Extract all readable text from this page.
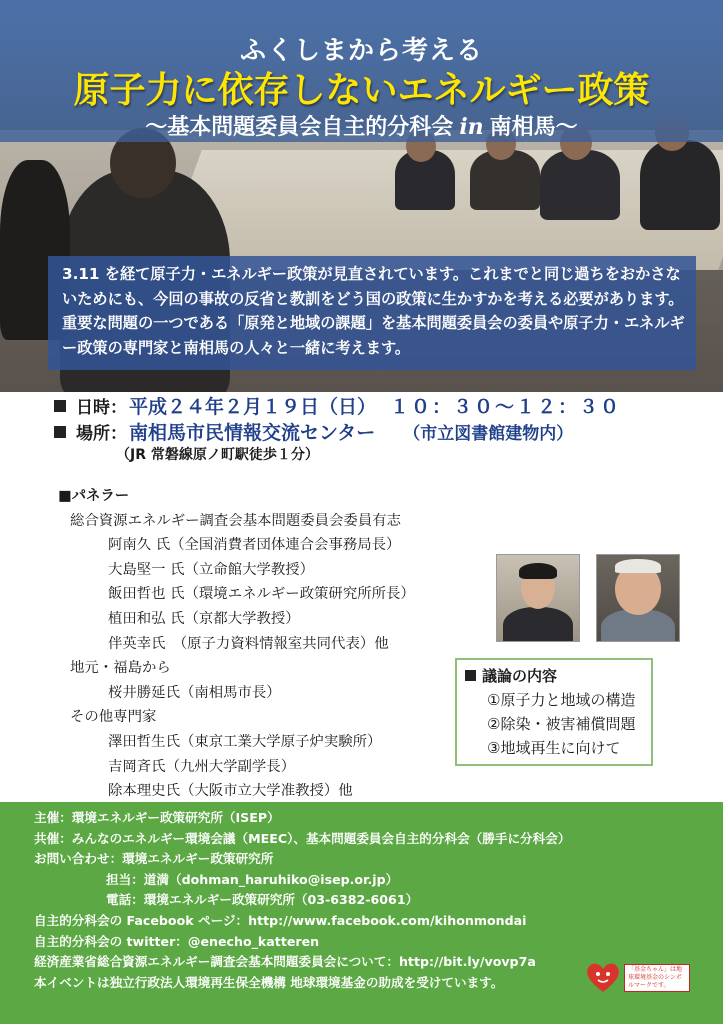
ふくしまから考える
原子力に依存しないエネルギー政策
～基本問題委員会自主的分科会 in 南相馬～
3.11 を経て原子力・エネルギー政策が見直されています。これまでと同じ過ちをおかさないためにも、今回の事故の反省と教訓をどう国の政策に生かすかを考える必要があります。重要な問題の一つである「原発と地域の課題」を基本問題委員会の委員や原子力・エネルギー政策の専門家と南相馬の人々と一緒に考えます。
日時： 平成２４年２月１９日（日） １０：３０～１２：３０
場所： 南相馬市民情報交流センター （市立図書館建物内）
（JR 常磐線原ノ町駅徒歩１分）
■パネラー
総合資源エネルギー調査会基本問題委員会委員有志
阿南久 氏（全国消費者団体連合会事務局長）
大島堅一 氏（立命館大学教授）
飯田哲也 氏（環境エネルギー政策研究所所長）
植田和弘 氏（京都大学教授）
伴英幸氏　（原子力資料情報室共同代表）他
地元・福島から
桜井勝延氏（南相馬市長）
その他専門家
澤田哲生氏（東京工業大学原子炉実験所）
吉岡斉氏（九州大学副学長）
除本理史氏（大阪市立大学准教授）他
議論の内容
①原子力と地域の構造
②除染・被害補償問題
③地域再生に向けて
主催：環境エネルギー政策研究所（ISEP）
共催：みんなのエネルギー環境会議（MEEC）、基本問題委員会自主的分科会（勝手に分科会）
お問い合わせ：環境エネルギー政策研究所
担当：道満（dohman_haruhiko@isep.or.jp）
電話：環境エネルギー政策研究所（03-6382-6061）
自主的分科会の Facebook ページ：http://www.facebook.com/kihonmondai
自主的分科会の twitter：@enecho_katteren
経済産業省総合資源エネルギー調査会基本問題委員会について：http://bit.ly/vovp7a
本イベントは独立行政法人環境再生保全機構 地球環境基金の助成を受けています。
「基金ちゃん」は地球環境基金のシンボルマークです。
